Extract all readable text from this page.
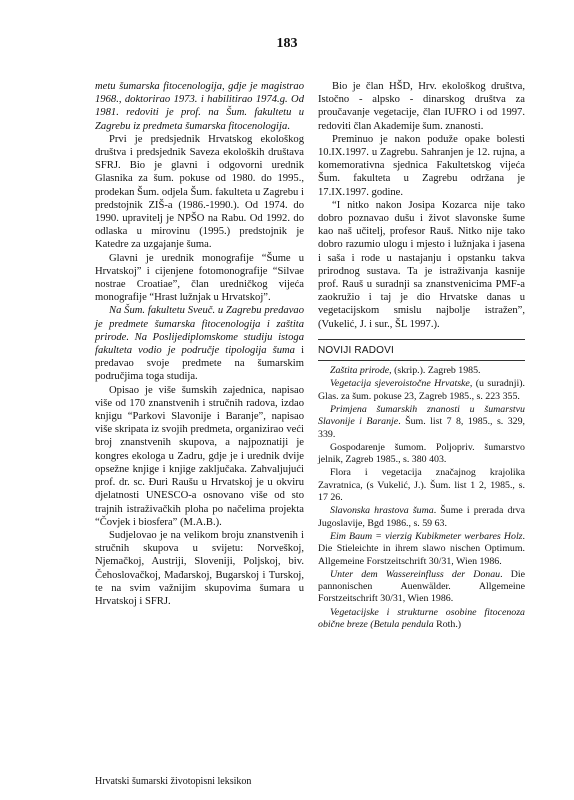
183

metu šumarska fitocenologija, gdje je magistrao 1968., doktorirao 1973. i habilitirao 1974.g. Od 1981. redoviti je prof. na Šum. fakultetu u Zagrebu iz predmeta šumarska fitocenologija.

Prvi je predsjednik Hrvatskog ekološkog društva i predsjednik Saveza ekoloških društava SFRJ. Bio je glavni i odgovorni urednik Glasnika za šum. pokuse od 1980. do 1995., prodekan Šum. odjela Šum. fakulteta u Zagrebu i predstojnik ZIŠ-a (1986.-1990.). Od 1974. do 1990. upravitelj je NPŠO na Rabu. Od 1992. do odlaska u mirovinu (1995.) predstojnik je Katedre za uzgajanje šuma.

Glavni je urednik monografije “Šume u Hrvatskoj” i cijenjene fotomonografije “Silvae nostrae Croatiae”, član uredničkog vijeća monografije “Hrast lužnjak u Hrvatskoj”.

Na Šum. fakultetu Sveuč. u Zagrebu predavao je predmete šumarska fitocenologija i zaštita prirode. Na Poslijediplomskome studiju istoga fakulteta vodio je područje tipologija šuma i predavao svoje predmete na šumarskim područjima toga studija.

Opisao je više šumskih zajednica, napisao više od 170 znanstvenih i stručnih radova, izdao knjigu “Parkovi Slavonije i Baranje”, napisao više skripata iz svojih predmeta, organizirao veći broj znanstvenih skupova, a najpoznatiji je kongres ekologa u Zadru, gdje je i urednik dvije opsežne knjige i knjige zaključaka. Zahvaljujući prof. dr. sc. Đuri Raušu u Hrvatskoj je u okviru djelatnosti UNESCO-a osnovano više od sto trajnih istraživačkih ploha po načelima projekta “Čovjek i biosfera” (M.A.B.).

Sudjelovao je na velikom broju znanstvenih i stručnih skupova u svijetu: Norveškoj, Njemačkoj, Austriji, Sloveniji, Poljskoj, biv. Čehoslovačkoj, Mađarskoj, Bugarskoj i Turskoj, te na svim važnijim skupovima šumara u Hrvatskoj i SFRJ.

Bio je član HŠD, Hrv. ekološkog društva, Istočno - alpsko - dinarskog društva za proučavanje vegetacije, član IUFRO i od 1997. redoviti član Akademije šum. znanosti.

Preminuo je nakon poduže opake bolesti 10.IX.1997. u Zagrebu. Sahranjen je 12. rujna, a komemorativna sjednica Fakultetskog vijeća Šum. fakulteta u Zagrebu održana je 17.IX.1997. godine.

“I nitko nakon Josipa Kozarca nije tako dobro poznavao dušu i život slavonske šume kao naš učitelj, profesor Rauš. Nitko nije tako dobro razumio ulogu i mjesto i lužnjaka i jasena i saša i rode u nastajanju i opstanku takva prirodnog sustava. Ta je istraživanja kasnije prof. Rauš u suradnji sa znanstvenicima PMF-a zaokružio i taj je dio Hrvatske danas u vegetacijskom smislu najbolje istražen”, (Vukelić, J. i sur., ŠL 1997.).

NOVIJI RADOVI

Zaštita prirode, (skrip.). Zagreb 1985.

Vegetacija sjeveroistočne Hrvatske, (u suradnji). Glas. za šum. pokuse 23, Zagreb 1985., s. 223 355.

Primjena šumarskih znanosti u šumarstvu Slavonije i Baranje. Šum. list 7 8, 1985., s. 329, 339.

Gospodarenje šumom. Poljopriv. šumarstvo jelnik, Zagreb 1985., s. 380 403.

Flora i vegetacija značajnog krajolika Zavratnica, (s Vukelić, J.). Šum. list 1 2, 1985., s. 17 26.

Slavonska hrastova šuma. Šume i prerada drva Jugoslavije, Bgd 1986., s. 59 63.

Eim Baum = vierzig Kubikmeter werbares Holz. Die Stieleichte in ihrem slawo nischen Optimum. Allgemeine Forstzeitschrift 30/31, Wien 1986.

Unter dem Wassereinfluss der Donau. Die pannonischen Auenwälder. Allgemeine Forstzeitschrift 30/31, Wien 1986.

Vegetacijske i strukturne osobine fitocenoza obične breze (Betula pendula Roth.)

Hrvatski šumarski životopisni leksikon
